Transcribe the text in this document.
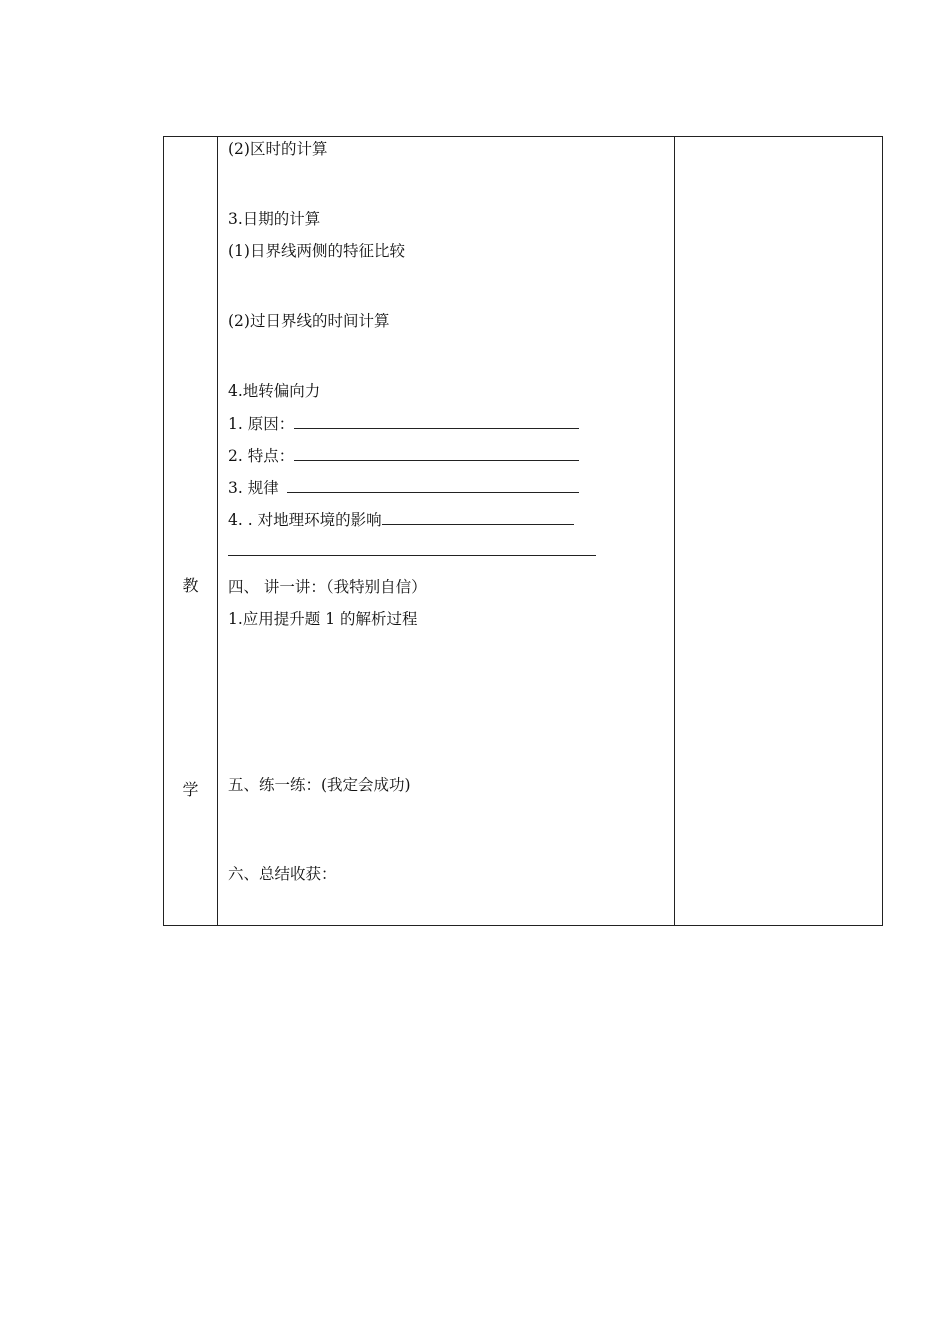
教
学
(2)区时的计算
3.日期的计算
(1)日界线两侧的特征比较
(2)过日界线的时间计算
4.地转偏向力
1. 原因：
2. 特点：
3. 规律
4. . 对地理环境的影响
四、 讲一讲：（我特别自信）
1.应用提升题 1 的解析过程
五、练一练：(我定会成功)
六、总结收获：
